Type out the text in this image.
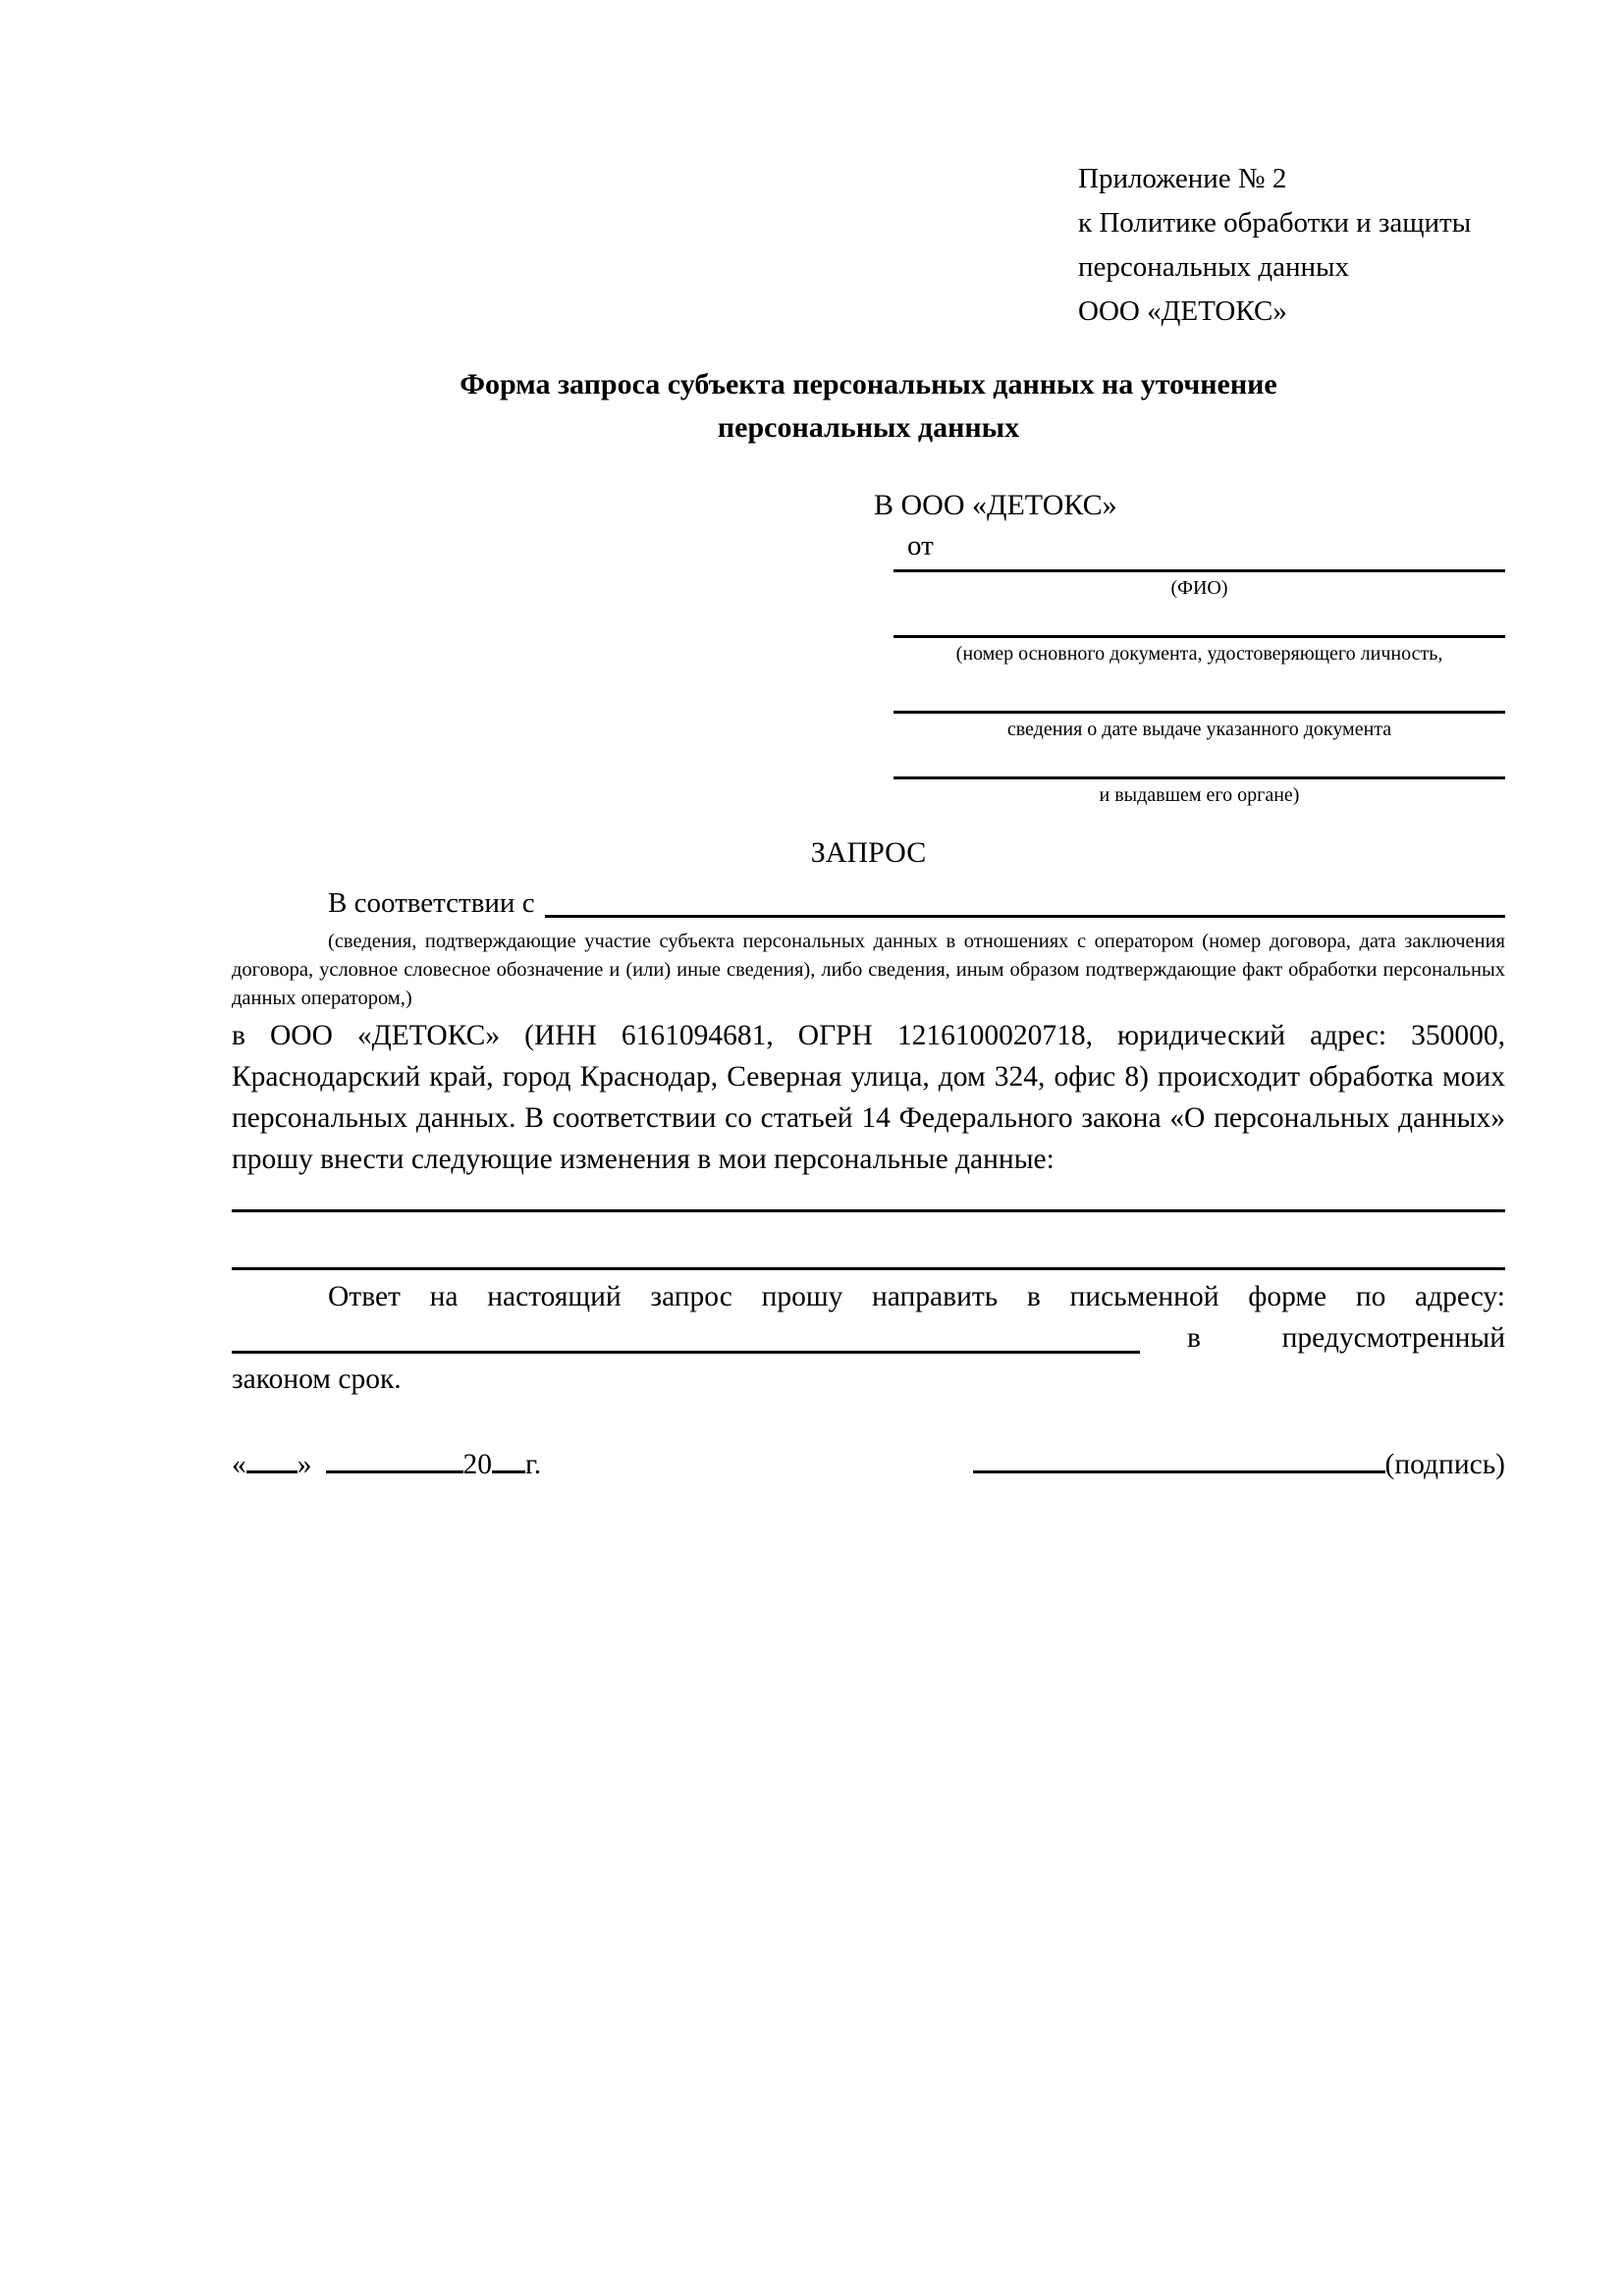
Приложение № 2
к Политике обработки и защиты
персональных данных
ООО «ДЕТОКС»
Форма запроса субъекта персональных данных на уточнение
персональных данных
В ООО «ДЕТОКС»
от
(ФИО)
(номер основного документа, удостоверяющего личность,
сведения о дате выдаче указанного документа
и выдавшем его органе)
ЗАПРОС
В соответствии с

(сведения, подтверждающие участие субъекта персональных данных в отношениях с оператором (номер договора, дата заключения договора, условное словесное обозначение и (или) иные сведения), либо сведения, иным образом подтверждающие факт обработки персональных данных оператором,)

в ООО «ДЕТОКС» (ИНН 6161094681, ОГРН 1216100020718, юридический адрес: 350000, Краснодарский край, город Краснодар, Северная улица, дом 324, офис 8) происходит обработка моих персональных данных. В соответствии со статьей 14 Федерального закона «О персональных данных» прошу внести следующие изменения в мои персональные данные:

Ответ на настоящий запрос прошу направить в письменной форме по адресу:

в	предусмотренный

законом срок.

« »	20 г.	(подпись)
